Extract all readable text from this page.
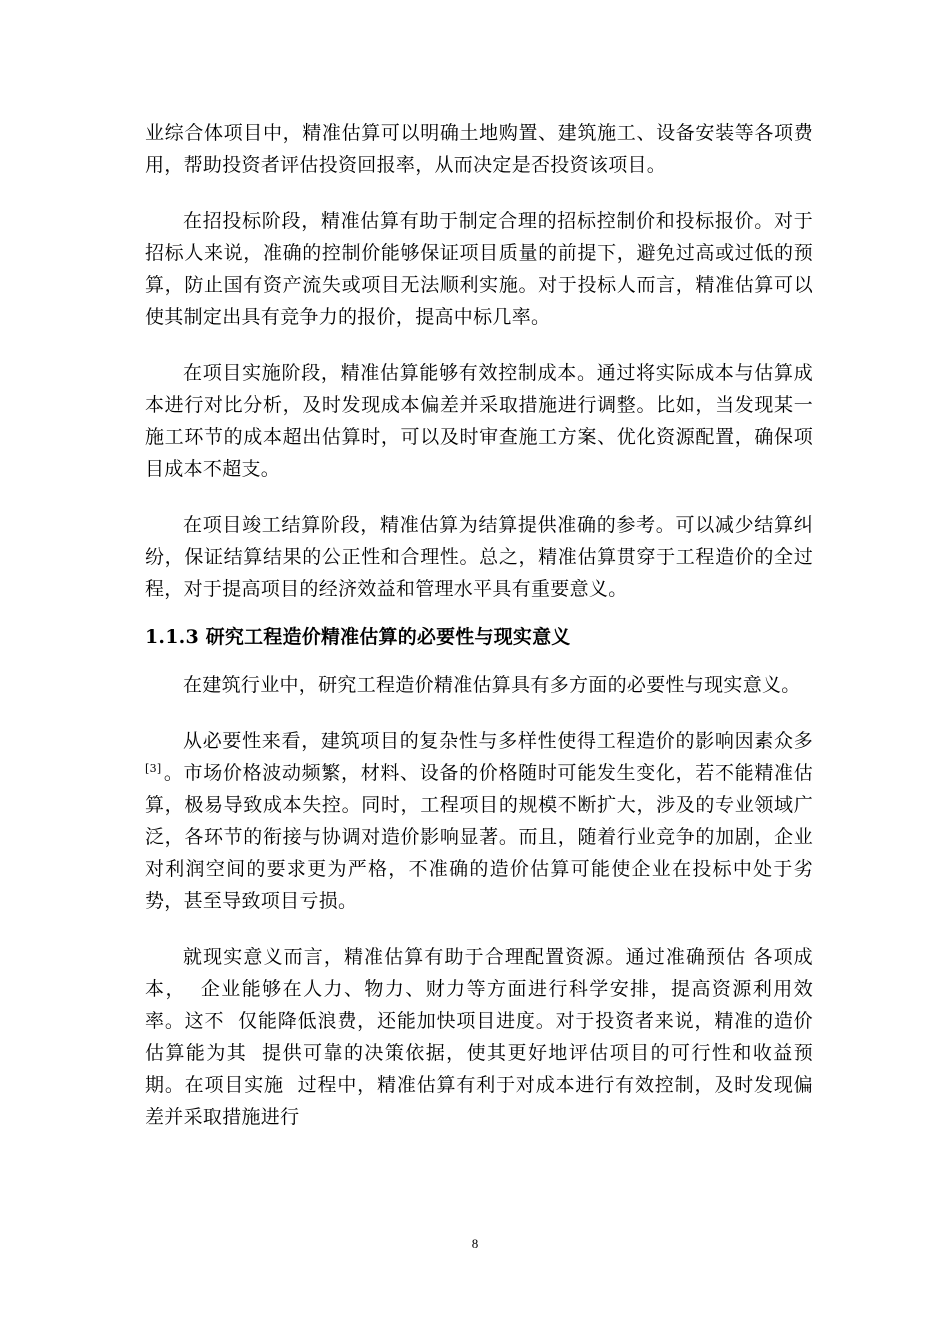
业综合体项目中，精准估算可以明确土地购置、建筑施工、设备安装等各项费用，帮助投资者评估投资回报率，从而决定是否投资该项目。

在招投标阶段，精准估算有助于制定合理的招标控制价和投标报价。对于招标人来说，准确的控制价能够保证项目质量的前提下，避免过高或过低的预算，防止国有资产流失或项目无法顺利实施。对于投标人而言，精准估算可以使其制定出具有竞争力的报价，提高中标几率。

在项目实施阶段，精准估算能够有效控制成本。通过将实际成本与估算成本进行对比分析，及时发现成本偏差并采取措施进行调整。比如，当发现某一施工环节的成本超出估算时，可以及时审查施工方案、优化资源配置，确保项目成本不超支。

在项目竣工结算阶段，精准估算为结算提供准确的参考。可以减少结算纠纷，保证结算结果的公正性和合理性。总之，精准估算贯穿于工程造价的全过程，对于提高项目的经济效益和管理水平具有重要意义。

1.1.3 研究工程造价精准估算的必要性与现实意义

在建筑行业中，研究工程造价精准估算具有多方面的必要性与现实意义。

从必要性来看，建筑项目的复杂性与多样性使得工程造价的影响因素众多[3] 。市场价格波动频繁，材料、设备的价格随时可能发生变化，若不能精准估算，极易导致成本失控。同时，工程项目的规模不断扩大，涉及的专业领域广泛，各环节的衔接与协调对造价影响显著。而且，随着行业竞争的加剧，企业对利润空间的要求更为严格，不准确的造价估算可能使企业在投标中处于劣势，甚至导致项目亏损。

就现实意义而言，精准估算有助于合理配置资源。通过准确预估 各项成本，  企业能够在人力、物力、财力等方面进行科学安排，提高资源利用效率。这不  仅能降低浪费，还能加快项目进度。对于投资者来说，精准的造价估算能为其  提供可靠的决策依据，使其更好地评估项目的可行性和收益预期。在项目实施  过程中，精准估算有利于对成本进行有效控制，及时发现偏差并采取措施进行

8
